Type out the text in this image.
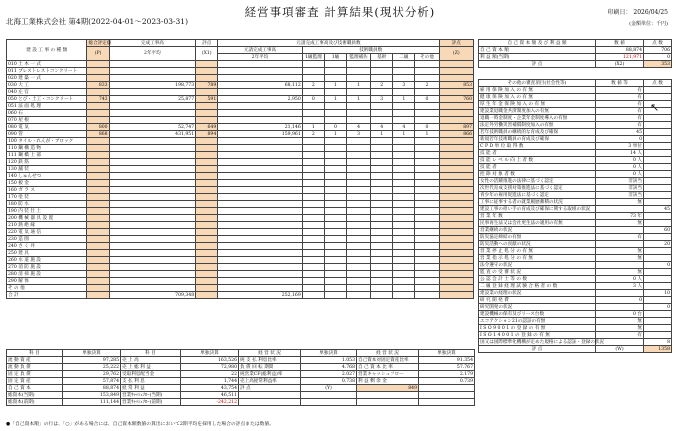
経営事項審査 計算結果(現状分析)
北海工業株式会社 第4期(2022-04-01～2023-03-31)
印刷日： 2026/04/25
(金額単位：千円)
建 設 工 事 の 種 類	総合評定値	完成工事高	評点	元請完成工事高及び技術職員数							評点
	(P)	2年平均	(X1)	元請完成工事高	技術職員数						(Z)
				2年平均	1級監理	1級	監理補佐	基幹	二級	その他	
010 土 木 一 式											
011 プレストレストコンクリート											
020 建 築 一 式											
030 大 工	833	198,773	789	68,112	2	1	1	2	3	2	853
040 左 官											
050 とび・土工・コンクリート	743	25,877	591	2,950	0	1	1	3	1	0	760
051 法 面 処 理											
060 石											
070 屋 根											
080 電 気	800	52,747	649	21,146	1	0	4	4	4	0	897
090 管	868	431,951	894	159,961	2	1	3	1	1	1	866
100 タイル・れんが・ブロック											
110 鋼 構 造 物											
111 鋼 橋 上 部											
120 鉄 筋											
130 舗 装											
140 しゅんせつ											
150 板 金											
160 ガ ラ ス											
170 塗 装											
180 防 水											
190 内 装 仕 上											
200 機 械 器 具 設 置											
210 熱 絶 縁											
220 電 気 通 信											
230 造 園											
240 さ く 井											
250 建 具											
260 水 道 施 設											
270 消 防 施 設											
280 清 掃 施 設											
290 解 体											
そ の 他											
合 計		709,348		252,169							
科 目	単独決算	科 目	単独決算	経 営 状 況	単独決算	経 営 状 況	単独決算
流 動 資 産	97,285	売 上 高	163,526	純 支 払 利息比率	1.053	自己資本対固定資産比率	91.354
流 動 負 債	25,222	売 上 総 利 益	72,980	負 債 回 転 期間	4.768	自 己 資 本 比 率	57.767
固 定 負 債	29,762	受取利息配当金	22	純営業CF(総利益)率	2.027	営業キャッシュフロー	2.179
固 定 資 産	57,874	支 払 利 息	1,744	売上高経常利益率	0.738	利 益 剰 余 金	0.739
自 己 資 本	88,874	経 常 利 益	43,754	評 点	(Y)	849	
総資本(当期)	153,849	営業ｷｬｯｼｭﾌﾛｰ(当期)	46,511				
総資本(前期)	111,144	営業ｷｬｯｼｭﾌﾛｰ(前期)	-242,212				
自 己 資 本 額 及 び 利 益 額	数 値	点 数
自 己 資 本 額	88,874	706
利 益 額(当期)	121,971	0
評 点	(X2)	353
その他の審査項目(社会性等)	数 値 等	点 数
雇 用 保 険 加 入 の 有 無	有	
健 康 保 険 加 入 の 有 無	有	
厚 生 年 金 保 険 加 入 の 有 無	有	
建設業退職金共済制度加入の有無	有	
退職一時金制度・企業年金制度導入の有無	有	
法定外労働災害補償制度加入の有無	有	
若年技術職員の継続的な育成及び確保	45	
新規若年技術職員の育成及び確保	0	
C P D 単 位 取 得 数	3 単位	
技 能 者	14 人	
技 能 レ ベ ル 向 上 者 数	0 人	
技 能 者	0 人	
控 除 対 象 者 数	0 人	
女性の活躍推進の法律に基づく認定	非該当	
次世代育成支援対策推進法に基づく認定	非該当	
青少年の雇用促進法に基づく認定	非該当	
工事に従事する者の就業履歴蓄積の状況	無	
建設工事の担い手の育成及び確保に関する取組の状況		45
営 業 年 数	73 年	
民事再生法又は会社更生法の適用の有無	無	
営業継続の状況		60
防災協定締結の有無	有	
防災活動への貢献の状況		20
営 業 停 止 処 分 の 有 無	無	
営 業 指 示 処 分 の 有 無	無	
法令遵守の状況		0
監 査 の 受 審 状 況	無	
公 認 会 計 士 等 の 数	0 人	
二 級 登 録 経 理 試 験 合 格 者 の 数	3 人	
建設業の経理の状況		10
研 究 開 発 費	0	
研究開発の状況		0
建設機械の保有及びリース台数	0 台	
エコアクション21の認証の有無	無	
I S O 9 0 0 1 の 登 録 の 有 無	無	
I S O 1 4 0 0 1 の 登 録 の 有 無	有	
国又は国際標準化機構が定めた規格による認証・登録の状況		8
評 点	(W)	1358
●「自己資本額」の行は、「○」がある場合には、自己資本額数値の算出において2期平均を採用した場合の評点または数値。
↖
